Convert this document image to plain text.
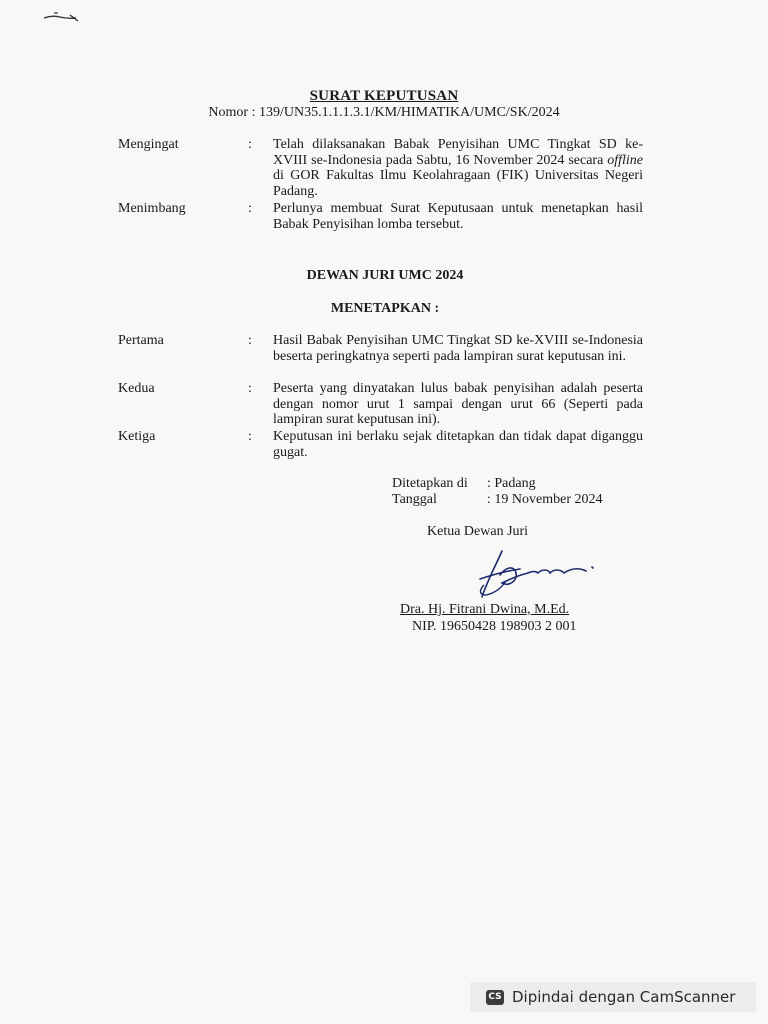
SURAT KEPUTUSAN
Nomor : 139/UN35.1.1.1.3.1/KM/HIMATIKA/UMC/SK/2024
Mengingat	:	Telah dilaksanakan Babak Penyisihan UMC Tingkat SD ke-XVIII se-Indonesia pada Sabtu, 16 November 2024 secara offline di GOR Fakultas Ilmu Keolahragaan (FIK) Universitas Negeri Padang.
Menimbang	:	Perlunya membuat Surat Keputusaan untuk menetapkan hasil Babak Penyisihan lomba tersebut.
DEWAN JURI UMC 2024
MENETAPKAN :
Pertama	:	Hasil Babak Penyisihan UMC Tingkat SD ke-XVIII se-Indonesia beserta peringkatnya seperti pada lampiran surat keputusan ini.
Kedua	:	Peserta yang dinyatakan lulus babak penyisihan adalah peserta dengan nomor urut 1 sampai dengan urut 66 (Seperti pada lampiran surat keputusan ini).
Ketiga	:	Keputusan ini berlaku sejak ditetapkan dan tidak dapat diganggu gugat.
Ditetapkan di	: Padang
Tanggal	: 19 November 2024
Ketua Dewan Juri
Dra. Hj. Fitrani Dwina, M.Ed.
NIP. 19650428 198903 2 001
CS Dipindai dengan CamScanner
